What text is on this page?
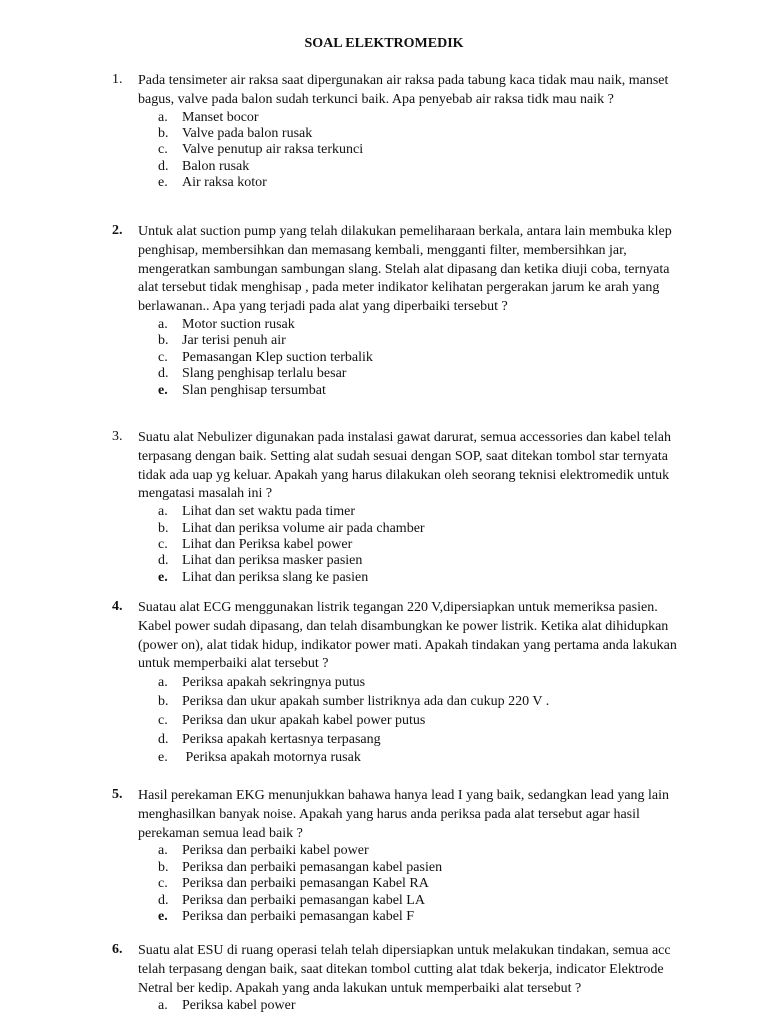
SOAL ELEKTROMEDIK
1.	Pada tensimeter air raksa saat dipergunakan air raksa pada tabung kaca tidak mau naik, manset bagus, valve pada balon sudah terkunci baik. Apa penyebab air raksa tidk mau naik ?
a. Manset bocor
b. Valve pada balon rusak
c. Valve penutup air raksa terkunci
d. Balon rusak
e. Air raksa kotor
2.	Untuk alat suction pump yang telah dilakukan pemeliharaan berkala, antara lain membuka klep penghisap, membersihkan dan memasang kembali, mengganti filter, membersihkan jar, mengeratkan sambungan sambungan slang. Stelah alat dipasang dan ketika diuji coba, ternyata alat tersebut tidak menghisap , pada meter indikator kelihatan pergerakan jarum ke arah yang berlawanan.. Apa yang terjadi pada alat yang diperbaiki tersebut ?
a. Motor suction rusak
b. Jar terisi penuh air
c. Pemasangan Klep suction terbalik
d. Slang penghisap terlalu besar
e. Slan penghisap tersumbat
3.	Suatu alat Nebulizer digunakan pada instalasi gawat darurat, semua accessories dan kabel telah terpasang dengan baik. Setting alat sudah sesuai dengan SOP, saat ditekan tombol star ternyata tidak ada uap yg keluar. Apakah yang harus dilakukan oleh seorang teknisi elektromedik untuk mengatasi masalah ini ?
a. Lihat dan set waktu pada timer
b. Lihat dan periksa volume air pada chamber
c. Lihat dan Periksa kabel power
d. Lihat dan periksa masker pasien
e. Lihat dan periksa slang ke pasien
4.	Suatau alat ECG menggunakan listrik tegangan 220 V,dipersiapkan untuk memeriksa pasien. Kabel power sudah dipasang, dan telah disambungkan ke power listrik. Ketika alat dihidupkan (power on), alat tidak hidup, indikator power mati. Apakah tindakan yang pertama anda lakukan untuk memperbaiki alat tersebut ?
a. Periksa apakah sekringnya putus
b. Periksa dan ukur apakah sumber listriknya ada dan cukup 220 V .
c. Periksa dan ukur apakah kabel power putus
d. Periksa apakah kertasnya terpasang
e. Periksa apakah motornya rusak
5.	Hasil perekaman EKG menunjukkan bahawa hanya lead I yang baik, sedangkan lead yang lain menghasilkan banyak noise. Apakah yang harus anda periksa pada alat tersebut agar hasil perekaman semua lead baik ?
a. Periksa dan perbaiki kabel power
b. Periksa dan perbaiki pemasangan kabel pasien
c. Periksa dan perbaiki pemasangan Kabel RA
d. Periksa dan perbaiki pemasangan kabel LA
e. Periksa dan perbaiki pemasangan kabel F
6.	Suatu alat ESU di ruang operasi telah telah dipersiapkan untuk melakukan tindakan, semua acc telah terpasang dengan baik, saat ditekan tombol cutting alat tdak bekerja, indicator Elektrode Netral ber kedip. Apakah yang anda lakukan untuk memperbaiki alat tersebut ?
a. Periksa kabel power
